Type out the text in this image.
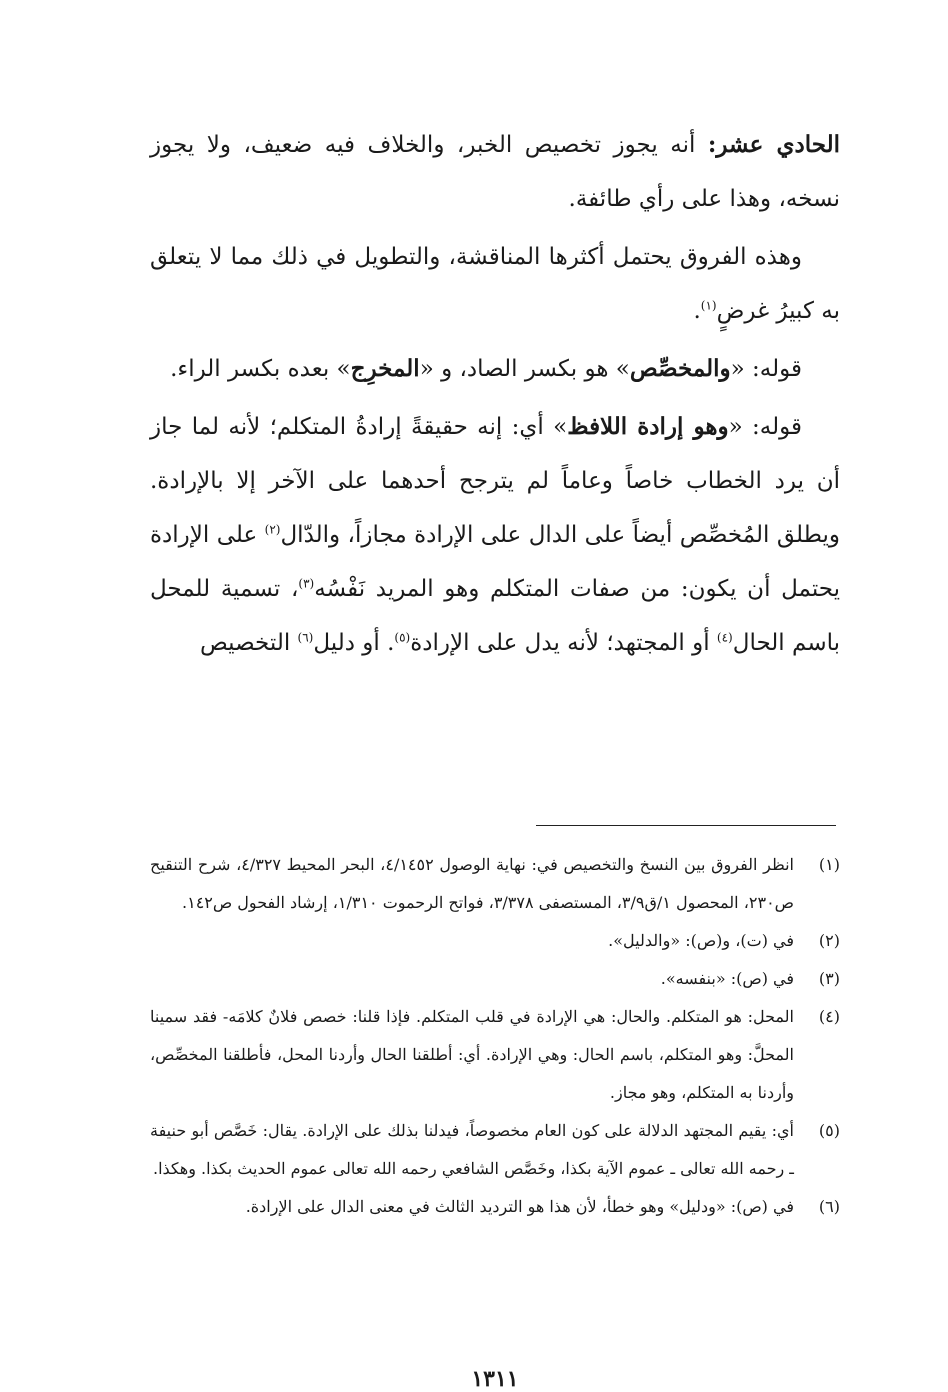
الحادي عشر: أنه يجوز تخصيص الخبر، والخلاف فيه ضعيف، ولا يجوز نسخه، وهذا على رأي طائفة.

وهذه الفروق يحتمل أكثرها المناقشة، والتطويل في ذلك مما لا يتعلق به كبيرُ غرضٍ$^{(١)}$.

قوله: «والمخصِّص» هو بكسر الصاد، و «المخرِج» بعده بكسر الراء.

قوله: «وهو إرادة اللافظ» أي: إنه حقيقةً إرادةُ المتكلم؛ لأنه لما جاز أن يرد الخطاب خاصاً وعاماً لم يترجح أحدهما على الآخر إلا بالإرادة. ويطلق المُخصِّص أيضاً على الدال على الإرادة مجازاً، والدّال$^{(٢)}$ على الإرادة يحتمل أن يكون: من صفات المتكلم وهو المريد نَفْسُه$^{(٣)}$، تسمية للمحل باسم الحال$^{(٤)}$ أو المجتهد؛ لأنه يدل على الإرادة$^{(٥)}$. أو دليل$^{(٦)}$ التخصيص

(١)
انظر الفروق بين النسخ والتخصيص في: نهاية الوصول ٤/١٤٥٢، البحر المحيط ٤/٣٢٧، شرح التنقيح ص٢٣٠، المحصول ١/ق٣/٩، المستصفى ٣/٣٧٨، فواتح الرحموت ١/٣١٠، إرشاد الفحول ص١٤٢.
(٢)
في (ت)، و(ص): «والدليل».
(٣)
في (ص): «بنفسه».
(٤)
المحل: هو المتكلم. والحال: هي الإرادة في قلب المتكلم. فإذا قلنا: خصص فلانٌ كلامَه- فقد سمينا المحلَّ: وهو المتكلم، باسم الحال: وهي الإرادة. أي: أطلقنا الحال وأردنا المحل، فأطلقنا المخصِّص، وأردنا به المتكلم، وهو مجاز.
(٥)
أي: يقيم المجتهد الدلالة على كون العام مخصوصاً، فيدلنا بذلك على الإرادة. يقال: خَصَّص أبو حنيفة ـ رحمه الله تعالى ـ عموم الآية بكذا، وخَصَّص الشافعي رحمه الله تعالى عموم الحديث بكذا. وهكذا.
(٦)
في (ص): «ودليل» وهو خطأ، لأن هذا هو الترديد الثالث في معنى الدال على الإرادة.
١٣١١
